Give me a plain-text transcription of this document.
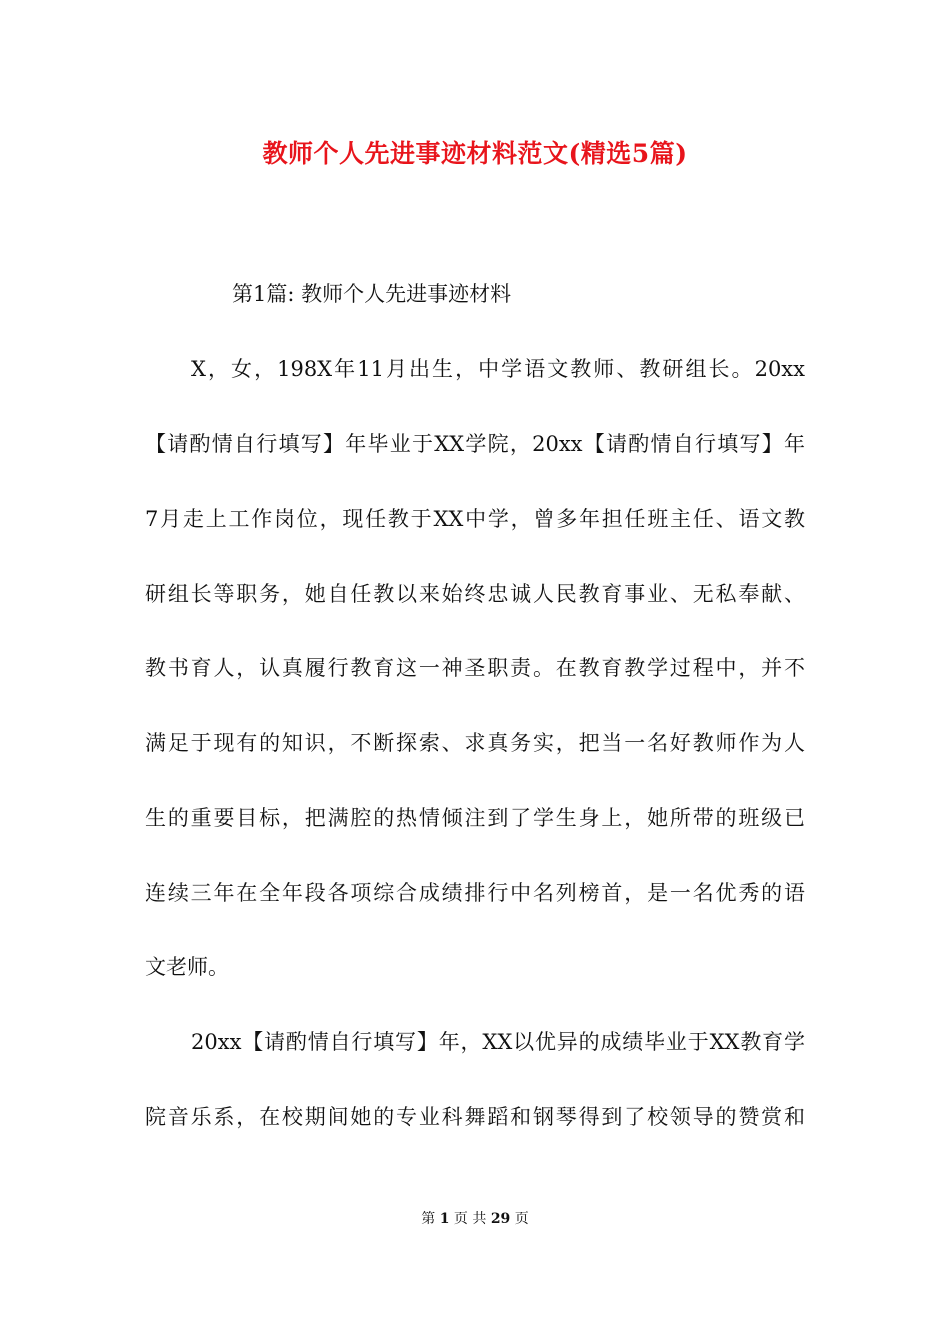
教师个人先进事迹材料范文(精选5篇)
第1篇: 教师个人先进事迹材料
X，女，198X年11月出生，中学语文教师、教研组长。20xx
【请酌情自行填写】年毕业于XX学院，20xx【请酌情自行填写】年
7月走上工作岗位，现任教于XX中学，曾多年担任班主任、语文教
研组长等职务，她自任教以来始终忠诚人民教育事业、无私奉献、
教书育人，认真履行教育这一神圣职责。在教育教学过程中，并不
满足于现有的知识，不断探索、求真务实，把当一名好教师作为人
生的重要目标，把满腔的热情倾注到了学生身上，她所带的班级已
连续三年在全年段各项综合成绩排行中名列榜首，是一名优秀的语
文老师。
20xx【请酌情自行填写】年，XX以优异的成绩毕业于XX教育学
院音乐系，在校期间她的专业科舞蹈和钢琴得到了校领导的赞赏和
第 1 页 共 29 页
